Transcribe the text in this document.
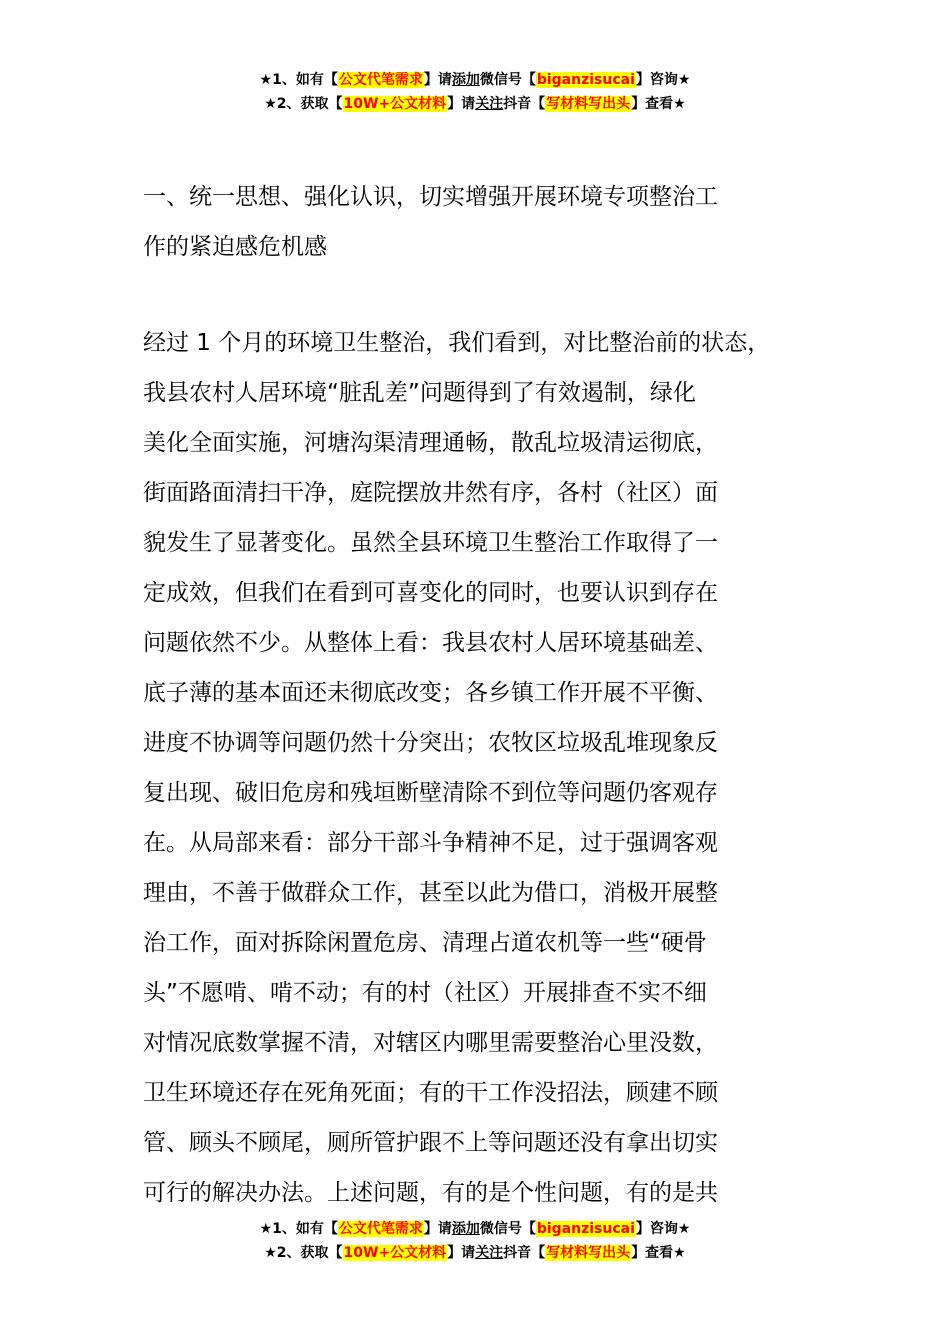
★1、如有【公文代笔需求】请添加微信号【biganzisucai】咨询★
★2、获取【10W+公文材料】请关注抖音【写材料写出头】查看★
一、统一思想、强化认识，切实增强开展环境专项整治工
作的紧迫感危机感

经过 1 个月的环境卫生整治，我们看到，对比整治前的状态，
我县农村人居环境“脏乱差”问题得到了有效遏制，绿化
美化全面实施，河塘沟渠清理通畅，散乱垃圾清运彻底，
街面路面清扫干净，庭院摆放井然有序，各村（社区）面
貌发生了显著变化。虽然全县环境卫生整治工作取得了一
定成效，但我们在看到可喜变化的同时，也要认识到存在
问题依然不少。从整体上看：我县农村人居环境基础差、
底子薄的基本面还未彻底改变；各乡镇工作开展不平衡、
进度不协调等问题仍然十分突出；农牧区垃圾乱堆现象反
复出现、破旧危房和残垣断壁清除不到位等问题仍客观存
在。从局部来看：部分干部斗争精神不足，过于强调客观
理由，不善于做群众工作，甚至以此为借口，消极开展整
治工作，面对拆除闲置危房、清理占道农机等一些“硬骨
头”不愿啃、啃不动；有的村（社区）开展排查不实不细
对情况底数掌握不清，对辖区内哪里需要整治心里没数，
卫生环境还存在死角死面；有的干工作没招法，顾建不顾
管、顾头不顾尾，厕所管护跟不上等问题还没有拿出切实
可行的解决办法。上述问题，有的是个性问题，有的是共

★1、如有【公文代笔需求】请添加微信号【biganzisucai】咨询★
★2、获取【10W+公文材料】请关注抖音【写材料写出头】查看★
